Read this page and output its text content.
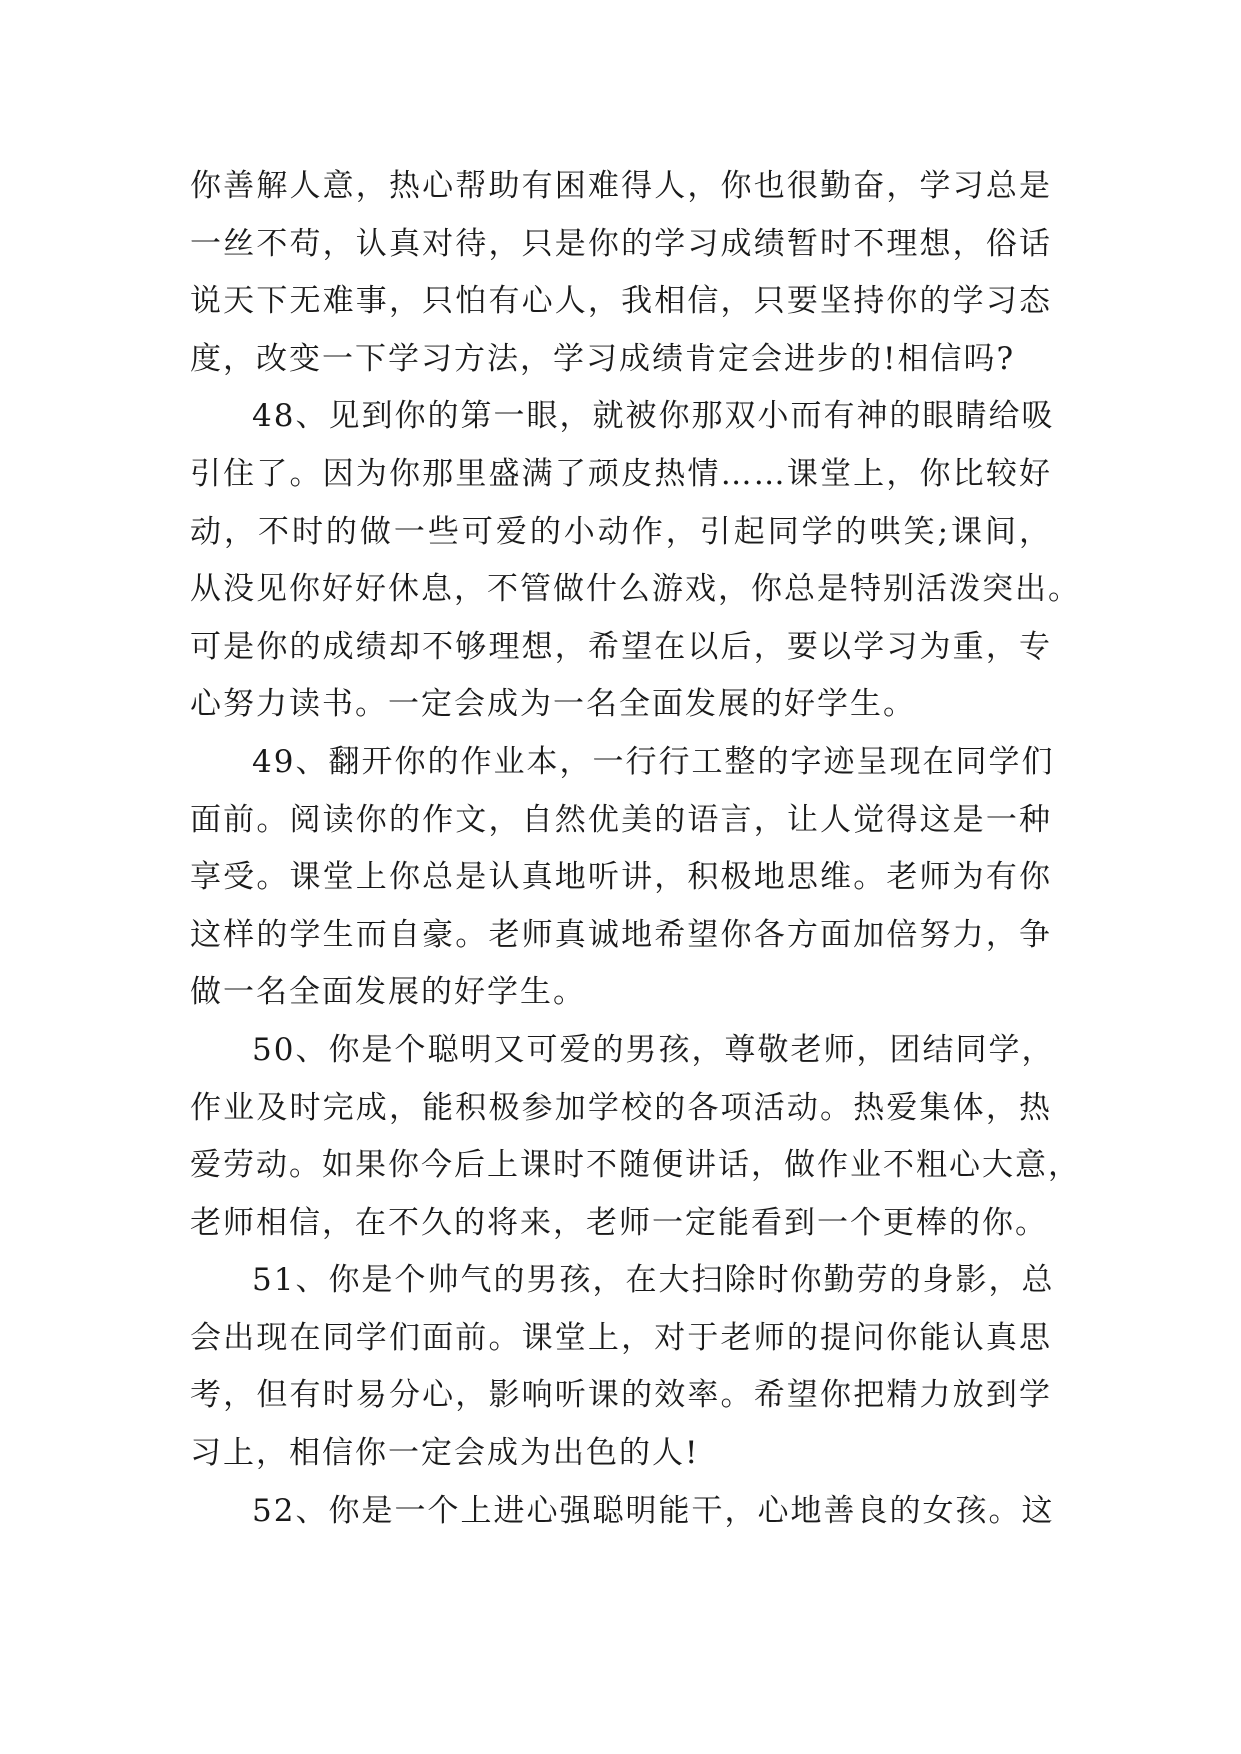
你善解人意，热心帮助有困难得人，你也很勤奋，学习总是
一丝不苟，认真对待，只是你的学习成绩暂时不理想，俗话
说天下无难事，只怕有心人，我相信，只要坚持你的学习态
度，改变一下学习方法，学习成绩肯定会进步的!相信吗?
48、见到你的第一眼，就被你那双小而有神的眼睛给吸
引住了。因为你那里盛满了顽皮热情……课堂上，你比较好
动，不时的做一些可爱的小动作，引起同学的哄笑;课间，
从没见你好好休息，不管做什么游戏，你总是特别活泼突出。
可是你的成绩却不够理想，希望在以后，要以学习为重，专
心努力读书。一定会成为一名全面发展的好学生。
49、翻开你的作业本，一行行工整的字迹呈现在同学们
面前。阅读你的作文，自然优美的语言，让人觉得这是一种
享受。课堂上你总是认真地听讲，积极地思维。老师为有你
这样的学生而自豪。老师真诚地希望你各方面加倍努力，争
做一名全面发展的好学生。
50、你是个聪明又可爱的男孩，尊敬老师，团结同学，
作业及时完成，能积极参加学校的各项活动。热爱集体，热
爱劳动。如果你今后上课时不随便讲话，做作业不粗心大意，
老师相信，在不久的将来，老师一定能看到一个更棒的你。
51、你是个帅气的男孩，在大扫除时你勤劳的身影，总
会出现在同学们面前。课堂上，对于老师的提问你能认真思
考，但有时易分心，影响听课的效率。希望你把精力放到学
习上，相信你一定会成为出色的人!
52、你是一个上进心强聪明能干，心地善良的女孩。这
